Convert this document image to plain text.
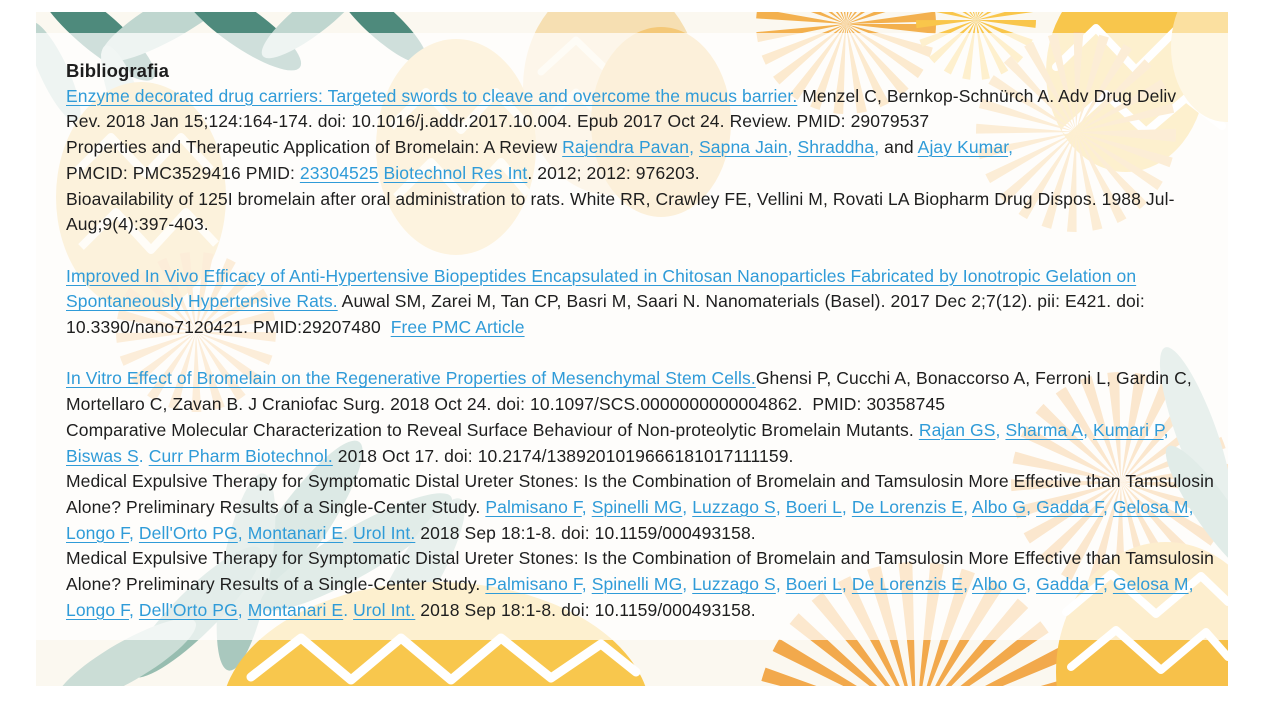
Bibliografia
Enzyme decorated drug carriers: Targeted swords to cleave and overcome the mucus barrier. Menzel C, Bernkop-Schnürch A. Adv Drug Deliv Rev. 2018 Jan 15;124:164-174. doi: 10.1016/j.addr.2017.10.004. Epub 2017 Oct 24. Review. PMID: 29079537
Properties and Therapeutic Application of Bromelain: A Review Rajendra Pavan, Sapna Jain, Shraddha, and Ajay Kumar,
PMCID: PMC3529416 PMID: 23304525 Biotechnol Res Int. 2012; 2012: 976203.
Bioavailability of 125I bromelain after oral administration to rats. White RR, Crawley FE, Vellini M, Rovati LA Biopharm Drug Dispos. 1988 Jul-Aug;9(4):397-403.

Improved In Vivo Efficacy of Anti-Hypertensive Biopeptides Encapsulated in Chitosan Nanoparticles Fabricated by Ionotropic Gelation on Spontaneously Hypertensive Rats. Auwal SM, Zarei M, Tan CP, Basri M, Saari N. Nanomaterials (Basel). 2017 Dec 2;7(12). pii: E421. doi: 10.3390/nano7120421. PMID:29207480  Free PMC Article

In Vitro Effect of Bromelain on the Regenerative Properties of Mesenchymal Stem Cells.Ghensi P, Cucchi A, Bonaccorso A, Ferroni L, Gardin C, Mortellaro C, Zavan B. J Craniofac Surg. 2018 Oct 24. doi: 10.1097/SCS.0000000000004862.  PMID: 30358745
Comparative Molecular Characterization to Reveal Surface Behaviour of Non-proteolytic Bromelain Mutants. Rajan GS, Sharma A, Kumari P, Biswas S. Curr Pharm Biotechnol. 2018 Oct 17. doi: 10.2174/1389201019666181017111159.
Medical Expulsive Therapy for Symptomatic Distal Ureter Stones: Is the Combination of Bromelain and Tamsulosin More Effective than Tamsulosin Alone? Preliminary Results of a Single-Center Study. Palmisano F, Spinelli MG, Luzzago S, Boeri L, De Lorenzis E, Albo G, Gadda F, Gelosa M, Longo F, Dell'Orto PG, Montanari E. Urol Int. 2018 Sep 18:1-8. doi: 10.1159/000493158.
Medical Expulsive Therapy for Symptomatic Distal Ureter Stones: Is the Combination of Bromelain and Tamsulosin More Effective than Tamsulosin Alone? Preliminary Results of a Single-Center Study. Palmisano F, Spinelli MG, Luzzago S, Boeri L, De Lorenzis E, Albo G, Gadda F, Gelosa M, Longo F, Dell'Orto PG, Montanari E. Urol Int. 2018 Sep 18:1-8. doi: 10.1159/000493158.
